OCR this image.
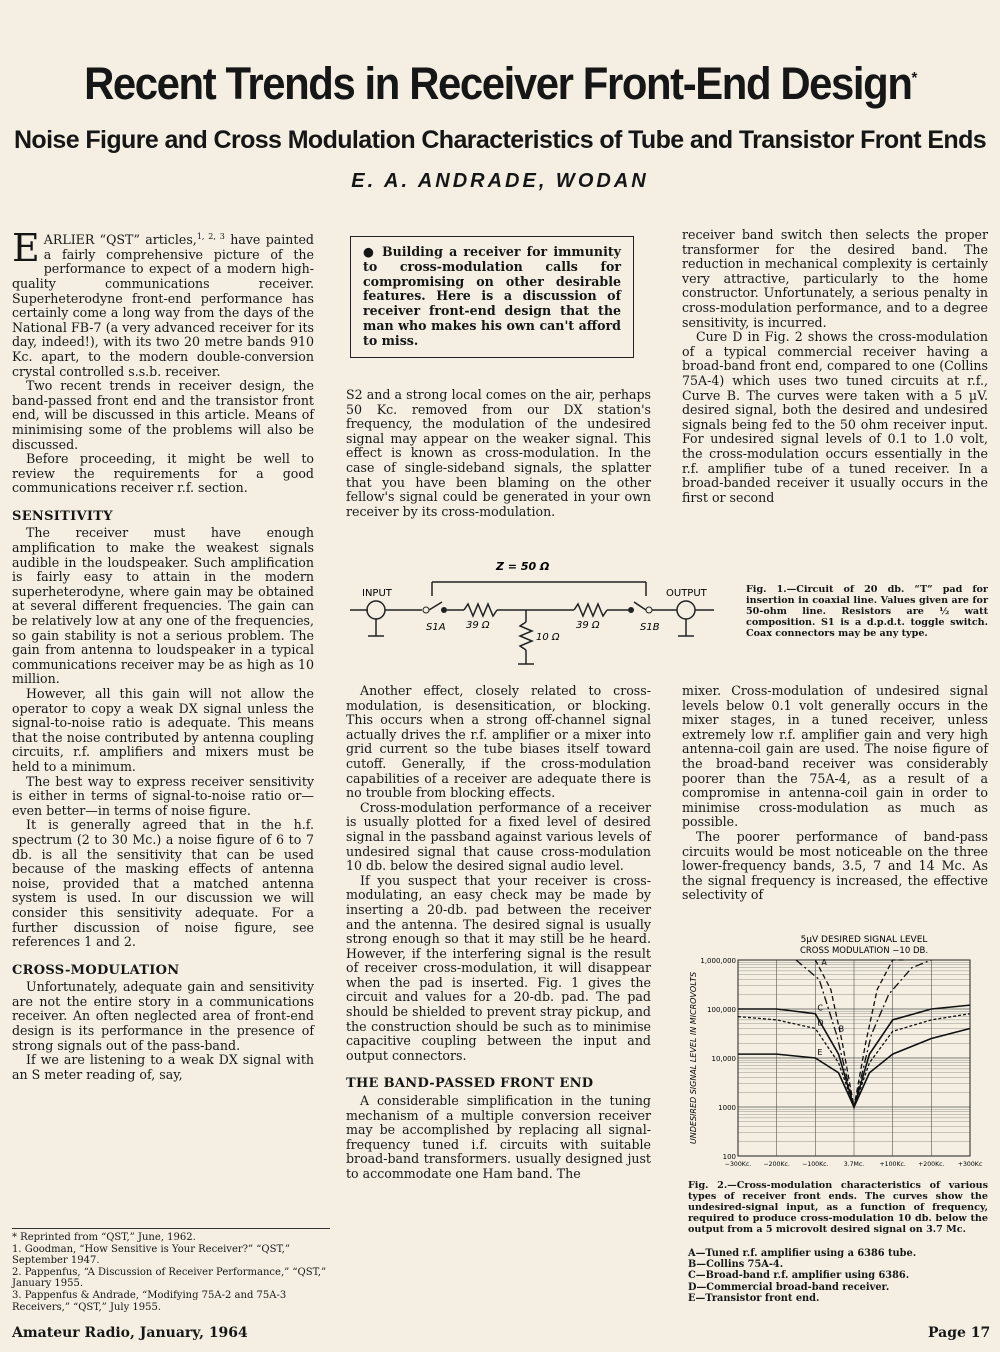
Recent Trends in Receiver Front-End Design*
Noise Figure and Cross Modulation Characteristics of Tube and Transistor Front Ends
E. A. ANDRADE, WODAN

EARLIER “QST” articles,$^{1, 2, 3}$ have painted a fairly comprehensive picture of the performance to expect of a modern high-quality communications receiver. Superheterodyne front-end performance has certainly come a long way from the days of the National FB-7 (a very advanced receiver for its day, indeed!), with its two 20 metre bands 910 Kc. apart, to the modern double-conversion crystal controlled s.s.b. receiver.

Two recent trends in receiver design, the band-passed front end and the transistor front end, will be discussed in this article. Means of minimising some of the problems will also be discussed.

Before proceeding, it might be well to review the requirements for a good communications receiver r.f. section.

SENSITIVITY

The receiver must have enough amplification to make the weakest signals audible in the loudspeaker. Such amplification is fairly easy to attain in the modern superheterodyne, where gain may be obtained at several different frequencies. The gain can be relatively low at any one of the frequencies, so gain stability is not a serious problem. The gain from antenna to loudspeaker in a typical communications receiver may be as high as 10 million.

However, all this gain will not allow the operator to copy a weak DX signal unless the signal-to-noise ratio is adequate. This means that the noise contributed by antenna coupling circuits, r.f. amplifiers and mixers must be held to a minimum.

The best way to express receiver sensitivity is either in terms of signal-to-noise ratio or—even better—in terms of noise figure.

It is generally agreed that in the h.f. spectrum (2 to 30 Mc.) a noise figure of 6 to 7 db. is all the sensitivity that can be used because of the masking effects of antenna noise, provided that a matched antenna system is used. In our discussion we will consider this sensitivity adequate. For a further discussion of noise figure, see references 1 and 2.

CROSS-MODULATION

Unfortunately, adequate gain and sensitivity are not the entire story in a communications receiver. An often neglected area of front-end design is its performance in the presence of strong signals out of the pass-band.

If we are listening to a weak DX signal with an S meter reading of, say,

* Reprinted from “QST,” June, 1962.
1. Goodman, “How Sensitive is Your Receiver?” “QST,” September 1947.
2. Pappenfus, “A Discussion of Receiver Performance,” “QST,” January 1955.
3. Pappenfus & Andrade, “Modifying 75A-2 and 75A-3 Receivers,” “QST,” July 1955.
● Building a receiver for immunity to cross-modulation calls for compromising on other desirable features. Here is a discussion of receiver front-end design that the man who makes his own can't afford to miss.

S2 and a strong local comes on the air, perhaps 50 Kc. removed from our DX station's frequency, the modulation of the undesired signal may appear on the weaker signal. This effect is known as cross-modulation. In the case of single-sideband signals, the splatter that you have been blaming on the other fellow's signal could be generated in your own receiver by its cross-modulation.

Z = 50 Ω
INPUT	OUTPUT
S1A 39 Ω
10 Ω
39 Ω	S1B
Fig. 1.—Circuit of 20 db. “T” pad for insertion in coaxial line. Values given are for 50-ohm line. Resistors are ½ watt composition. S1 is a d.p.d.t. toggle switch. Coax connectors may be any type.

Another effect, closely related to cross-modulation, is desensitication, or blocking. This occurs when a strong off-channel signal actually drives the r.f. amplifier or a mixer into grid current so the tube biases itself toward cutoff. Generally, if the cross-modulation capabilities of a receiver are adequate there is no trouble from blocking effects.

Cross-modulation performance of a receiver is usually plotted for a fixed level of desired signal in the passband against various levels of undesired signal that cause cross-modulation 10 db. below the desired signal audio level.

If you suspect that your receiver is cross-modulating, an easy check may be made by inserting a 20-db. pad between the receiver and the antenna. The desired signal is usually strong enough so that it may still be he heard. However, if the interfering signal is the result of receiver cross-modulation, it will disappear when the pad is inserted. Fig. 1 gives the circuit and values for a 20-db. pad. The pad should be shielded to prevent stray pickup, and the construction should be such as to minimise capacitive coupling between the input and output connectors.

THE BAND-PASSED FRONT END

A considerable simplification in the tuning mechanism of a multiple conversion receiver may be accomplished by replacing all signal-frequency tuned i.f. circuits with suitable broad-band transformers. usually designed just to accommodate one Ham band. The

receiver band switch then selects the proper transformer for the desired band. The reduction in mechanical complexity is certainly very attractive, particularly to the home constructor. Unfortunately, a serious penalty in cross-modulation performance, and to a degree sensitivity, is incurred.

Cure D in Fig. 2 shows the cross-modulation of a typical commercial receiver having a broad-band front end, compared to one (Collins 75A-4) which uses two tuned circuits at r.f., Curve B. The curves were taken with a 5 µV. desired signal, both the desired and undesired signals being fed to the 50 ohm receiver input. For undesired signal levels of 0.1 to 1.0 volt, the cross-modulation occurs essentially in the r.f. amplifier tube of a tuned receiver. In a broad-banded receiver it usually occurs in the first or second

mixer. Cross-modulation of undesired signal levels below 0.1 volt generally occurs in the mixer stages, in a tuned receiver, unless extremely low r.f. amplifier gain and very high antenna-coil gain are used. The noise figure of the broad-band receiver was considerably poorer than the 75A-4, as a result of a compromise in antenna-coil gain in order to minimise cross-modulation as much as possible.

The poorer performance of band-pass circuits would be most noticeable on the three lower-frequency bands, 3.5, 7 and 14 Mc. As the signal frequency is increased, the effective selectivity of

5µV DESIRED SIGNAL LEVEL
CROSS MODULATION −10 DB.
100
1000
10,000
100,000
1,000,000
−300Kc. −200Kc. −100Kc. 3.7Mc. +100Kc. +200Kc. +300Kc
UNDESIRED SIGNAL LEVEL IN MICROVOLTS
A
B
C
D
E
Fig. 2.—Cross-modulation characteristics of various types of receiver front ends. The curves show the undesired-signal input, as a function of frequency, required to produce cross-modulation 10 db. below the output from a 5 microvolt desired signal on 3.7 Mc.
A—Tuned r.f. amplifier using a 6386 tube.
B—Collins 75A-4.
C—Broad-band r.f. amplifier using 6386.
D—Commercial broad-band receiver.
E—Transistor front end.
Amateur Radio, January, 1964	Page 17
